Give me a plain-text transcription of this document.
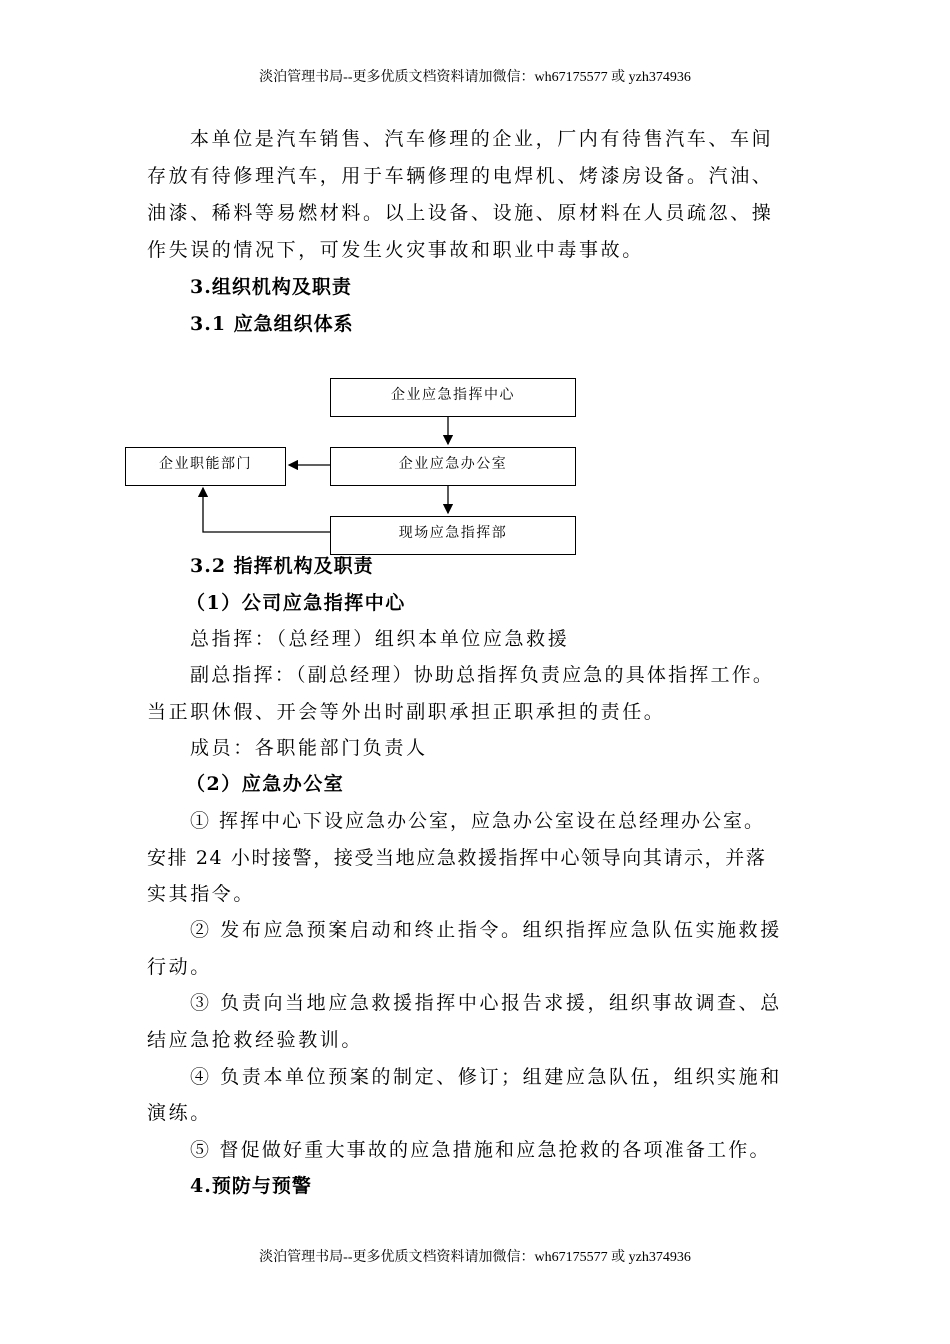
淡泊管理书局--更多优质文档资料请加微信：wh67175577 或 yzh374936
本单位是汽车销售、汽车修理的企业，厂内有待售汽车、车间
存放有待修理汽车，用于车辆修理的电焊机、烤漆房设备。汽油、
油漆、稀料等易燃材料。以上设备、设施、原材料在人员疏忽、操
作失误的情况下，可发生火灾事故和职业中毒事故。
3.组织机构及职责
3.1 应急组织体系
企业应急指挥中心
企业应急办公室
企业职能部门
现场应急指挥部
3.2 指挥机构及职责
（1）公司应急指挥中心
总指挥：（总经理）组织本单位应急救援
副总指挥：（副总经理）协助总指挥负责应急的具体指挥工作。
当正职休假、开会等外出时副职承担正职承担的责任。
成员：各职能部门负责人
（2）应急办公室
① 挥挥中心下设应急办公室，应急办公室设在总经理办公室。
安排 24 小时接警，接受当地应急救援指挥中心领导向其请示，并落
实其指令。
② 发布应急预案启动和终止指令。组织指挥应急队伍实施救援
行动。
③ 负责向当地应急救援指挥中心报告求援，组织事故调查、总
结应急抢救经验教训。
④ 负责本单位预案的制定、修订；组建应急队伍，组织实施和
演练。
⑤ 督促做好重大事故的应急措施和应急抢救的各项准备工作。
4.预防与预警
淡泊管理书局--更多优质文档资料请加微信：wh67175577 或 yzh374936
